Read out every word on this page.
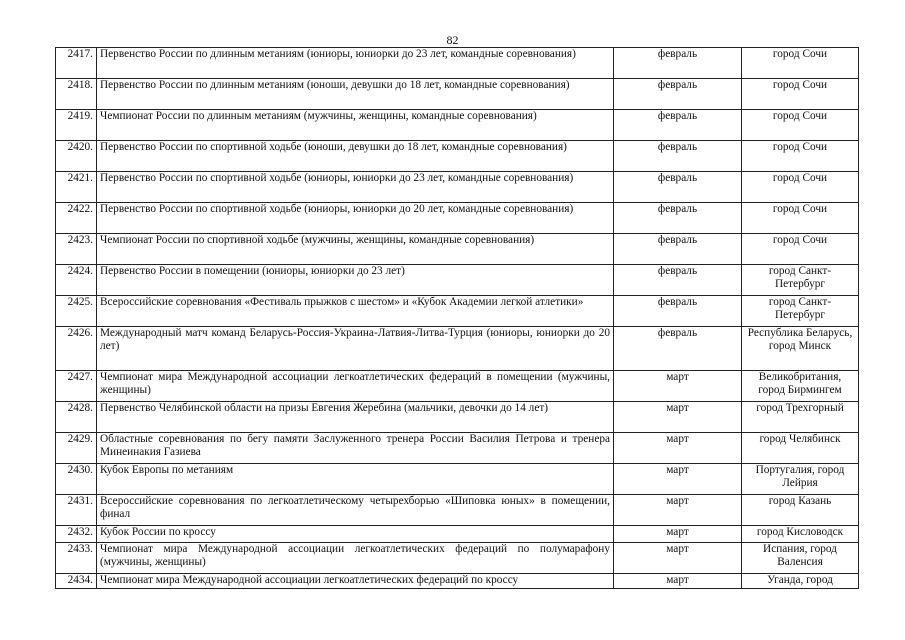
82
2417.	Первенство России по длинным метаниям (юниоры, юниорки до 23 лет, командные соревнования)	февраль	город Сочи
2418.	Первенство России по длинным метаниям (юноши, девушки до 18 лет, командные соревнования)	февраль	город Сочи
2419.	Чемпионат России по длинным метаниям (мужчины, женщины, командные соревнования)	февраль	город Сочи
2420.	Первенство России по спортивной ходьбе (юноши, девушки до 18 лет, командные соревнования)	февраль	город Сочи
2421.	Первенство России по спортивной ходьбе (юниоры, юниорки до 23 лет, командные соревнования)	февраль	город Сочи
2422.	Первенство России по спортивной ходьбе (юниоры, юниорки до 20 лет, командные соревнования)	февраль	город Сочи
2423.	Чемпионат России по спортивной ходьбе (мужчины, женщины, командные соревнования)	февраль	город Сочи
2424.	Первенство России в помещении (юниоры, юниорки до 23 лет)	февраль	город Санкт-Петербург
2425.	Всероссийские соревнования «Фестиваль прыжков с шестом» и «Кубок Академии легкой атлетики»	февраль	город Санкт-Петербург
2426.	Международный матч команд Беларусь-Россия-Украина-Латвия-Литва-Турция (юниоры, юниорки до 20 лет)	февраль	Республика Беларусь, город Минск
2427.	Чемпионат мира Международной ассоциации легкоатлетических федераций в помещении (мужчины, женщины)	март	Великобритания, город Бирмингем
2428.	Первенство Челябинской области на призы Евгения Жеребина (мальчики, девочки до 14 лет)	март	город Трехгорный
2429.	Областные соревнования по бегу памяти Заслуженного тренера России Василия Петрова и тренера Минеинакия Газиева	март	город Челябинск
2430.	Кубок Европы по метаниям	март	Португалия, город Лейрия
2431.	Всероссийские соревнования по легкоатлетическому четырехборью «Шиповка юных» в помещении, финал	март	город Казань
2432.	Кубок России по кроссу	март	город Кисловодск
2433.	Чемпионат мира Международной ассоциации легкоатлетических федераций по полумарафону (мужчины, женщины)	март	Испания, город Валенсия
2434.	Чемпионат мира Международной ассоциации легкоатлетических федераций по кроссу	март	Уганда, город
